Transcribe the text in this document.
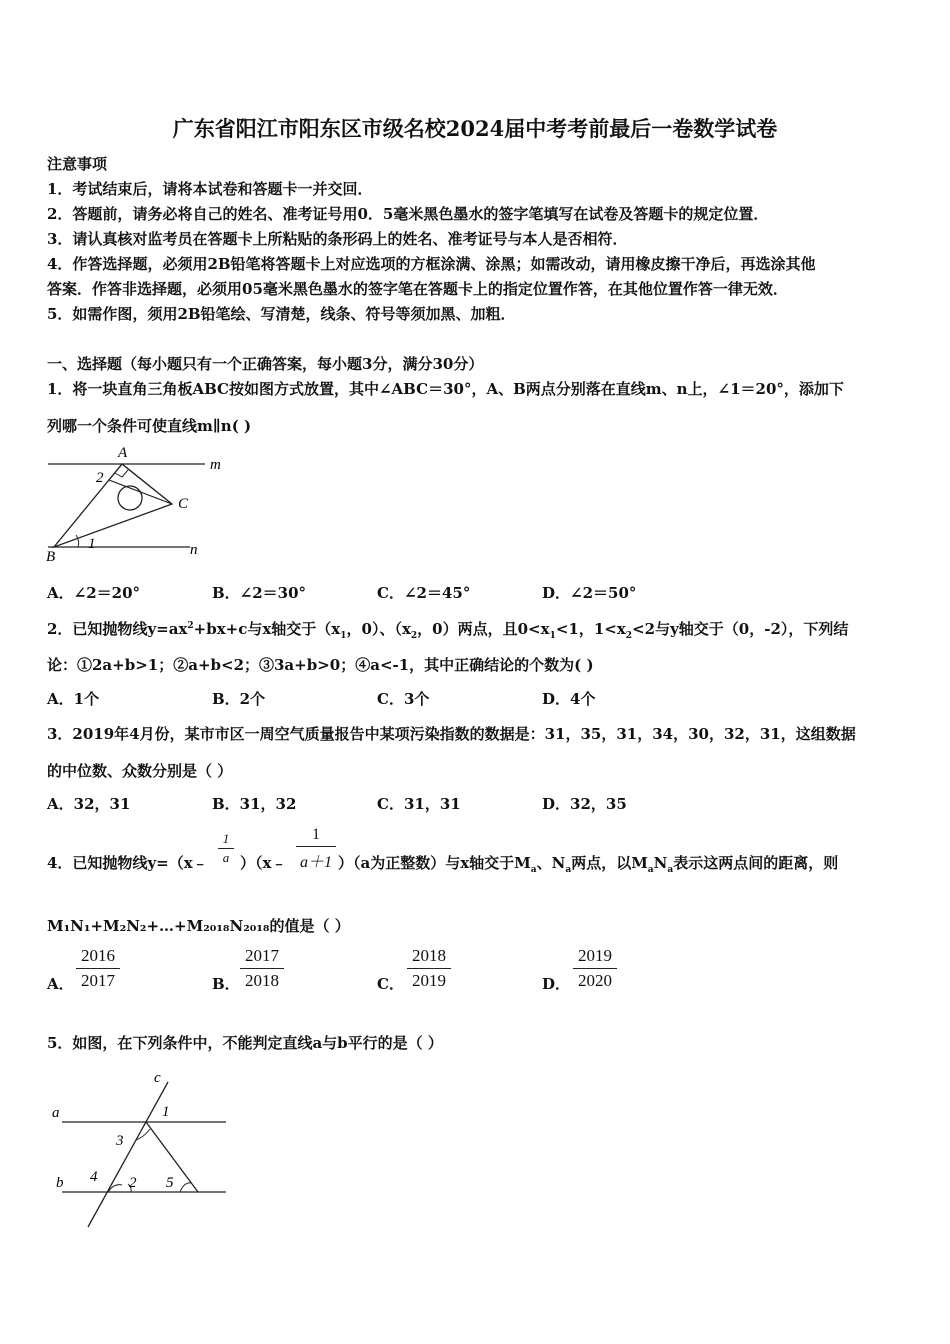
广东省阳江市阳东区市级名校2024届中考考前最后一卷数学试卷
注意事项
1．考试结束后，请将本试卷和答题卡一并交回．
2．答题前，请务必将自己的姓名、准考证号用0．5毫米黑色墨水的签字笔填写在试卷及答题卡的规定位置．
3．请认真核对监考员在答题卡上所粘贴的条形码上的姓名、准考证号与本人是否相符．
4．作答选择题，必须用2B铅笔将答题卡上对应选项的方框涂满、涂黑；如需改动，请用橡皮擦干净后，再选涂其他
答案．作答非选择题，必须用05毫米黑色墨水的签字笔在答题卡上的指定位置作答，在其他位置作答一律无效．
5．如需作图，须用2B铅笔绘、写清楚，线条、符号等须加黑、加粗．
一、选择题（每小题只有一个正确答案，每小题3分，满分30分）
1．将一块直角三角板ABC按如图方式放置，其中∠ABC＝30°，A、B两点分别落在直线m、n上，∠1＝20°，添加下
列哪一个条件可使直线m∥n( )
A
2
C
m
B
1	n
A．∠2＝20°	B．∠2＝30°	C．∠2＝45°	D．∠2＝50°
2．已知抛物线$y=ax^2+bx+c$与x轴交于（$x_1$，0）、（$x_2$，0）两点，且$0<x_1<1$，$1<x_2<2$与y轴交于（0，-2），下列结
论：①2a+b>1；②a+b<2；③3a+b>0；④a<-1，其中正确结论的个数为( )
A．1个	B．2个	C．3个	D．4个
3．2019年4月份，某市市区一周空气质量报告中某项污染指数的数据是：31，35，31，34，30，32，31，这组数据
的中位数、众数分别是（ ）
A．32，31	B．31，32	C．31，31	D．32，35
4．已知抛物线y=（x﹣
1
a ）（x﹣
1
a＋1 ）（a为正整数）与x轴交于$M_a$、$N_a$两点，以$M_aN_a$表示这两点间的距离，则
M₁N₁+M₂N₂+…+M₂₀₁₈N₂₀₁₈的值是（ ）
A．
2016
2017	B．
2017
2018	C．
2018
2019	D．
2019
2020
5．如图，在下列条件中，不能判定直线a与b平行的是（ ）
c
1
a
3
4 2 5
b
